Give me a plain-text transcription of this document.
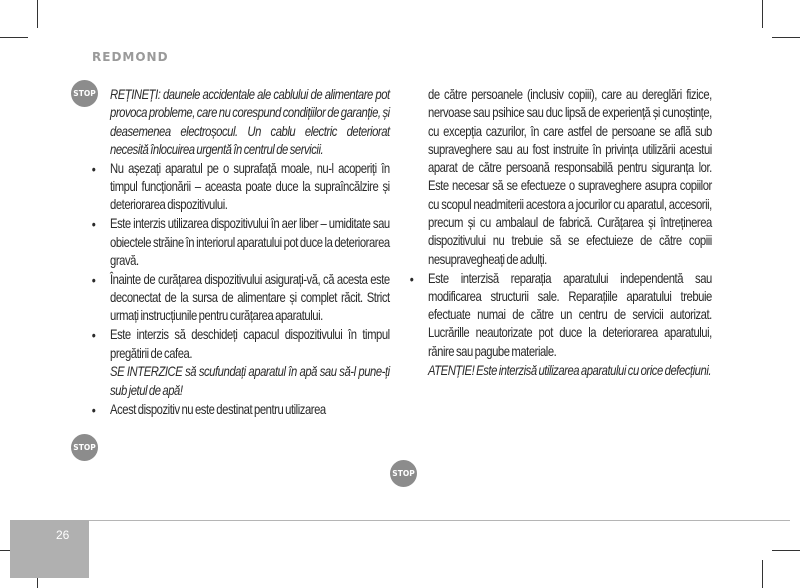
REDMOND
STOP
STOP
STOP

REȚINEȚI: daunele accidentale ale cablului de alimentare pot provoca probleme, care nu corespund condițiilor de garanție, și deasemenea electroșocul. Un cablu electric deteriorat necesită înlocuirea urgentă în centrul de servicii.

• Nu așezați aparatul pe o suprafață moale, nu-l acoperiți în timpul funcționării – aceasta poate duce la supraîncălzire și deteriorarea dispozitivului.

• Este interzis utilizarea dispozitivului în aer liber – umiditate sau obiectele străine în interiorul aparatului pot duce la deteriorarea gravă.

• Înainte de curățarea dispozitivului asigurați-vă, că acesta este deconectat de la sursa de alimentare și complet răcit. Strict urmați instrucțiunile pentru curățarea aparatului.

• Este interzis să deschideți capacul dispozitivului în timpul pregătirii de cafea.

SE INTERZICE să scufundați aparatul în apă sau să-l pune-ți sub jetul de apă!

• Acest dispozitiv nu este destinat pentru utilizarea

de către persoanele (inclusiv copiii), care au dereglări fizice, nervoase sau psihice sau duc lipsă de experiență și cunoștințe, cu excepția cazurilor, în care astfel de persoane se află sub supraveghere sau au fost instruite în privința utilizării acestui aparat de către persoană responsabilă pentru siguranța lor. Este necesar să se efectueze o supraveghere asupra copiilor cu scopul neadmiterii acestora a jocurilor cu aparatul, accesorii, precum și cu ambalaul de fabrică. Curățarea și întreținerea dispozitivului nu trebuie să se efectuieze de către copiii nesupravegheați de adulți.

• Este interzisă reparația aparatului independentă sau modificarea structurii sale. Reparațiile aparatului trebuie efectuate numai de către un centru de servicii autorizat. Lucrărille neautorizate pot duce la deteriorarea aparatului, rănire sau pagube materiale.

ATENȚIE! Este interzisă utilizarea aparatului cu orice defecțiuni.

26
